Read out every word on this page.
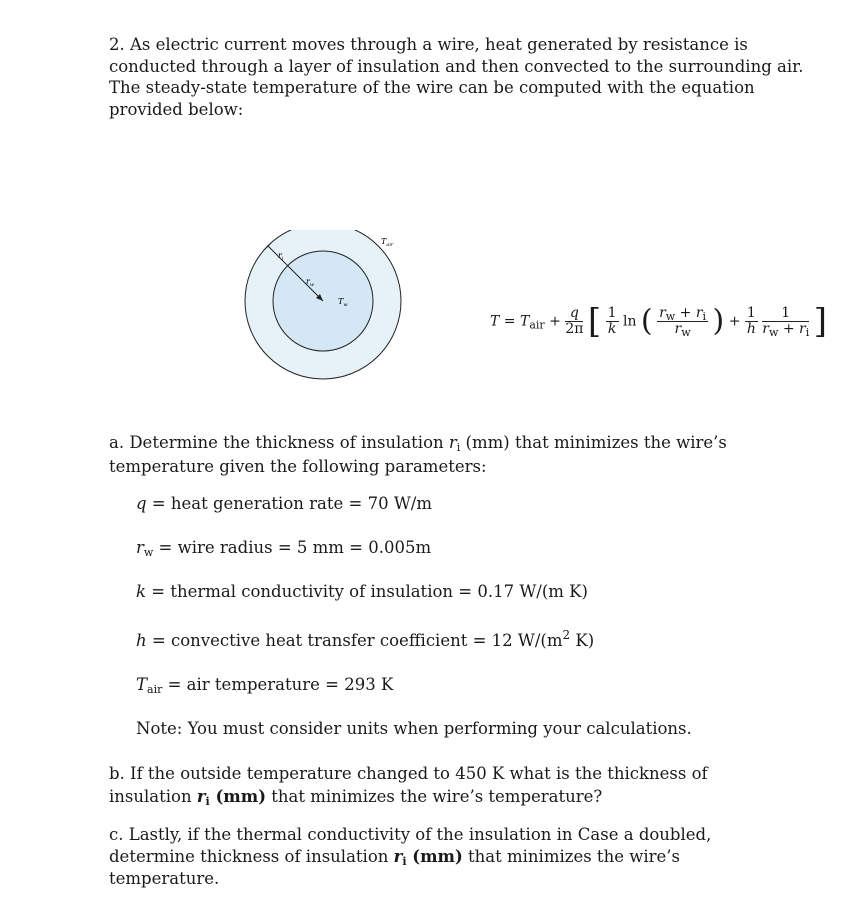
2. As electric current moves through a wire, heat generated by resistance is conducted through a layer of insulation and then convected to the surrounding air. The steady-state temperature of the wire can be computed with the equation provided below:
$r_i$
$r_w$
$T_w$
$T_{air}$
$T = T_{air} + \frac{q}{2\pi}$ [ $\frac{1}{k}$ ln ( $\frac{r_w + r_i}{r_w}$ ) + $\frac{1}{h}$
$\frac{1}{r_w + r_i}$ ]
a. Determine the thickness of insulation $r_i$ (mm) that minimizes the wire’s temperature given the following parameters:
q = heat generation rate = 70 W/m
$r_w$ = wire radius = 5 mm = 0.005m
k = thermal conductivity of insulation = 0.17 W/(m K)
h = convective heat transfer coefficient = 12 $W/(m^2$ K)
$T_{air}$ = air temperature = 293 K
Note: You must consider units when performing your calculations.
b. If the outside temperature changed to 450 K what is the thickness of insulation $r_i$ (mm) that minimizes the wire’s temperature?
c. Lastly, if the thermal conductivity of the insulation in Case a doubled, determine thickness of insulation $r_i$ (mm) that minimizes the wire’s temperature.
